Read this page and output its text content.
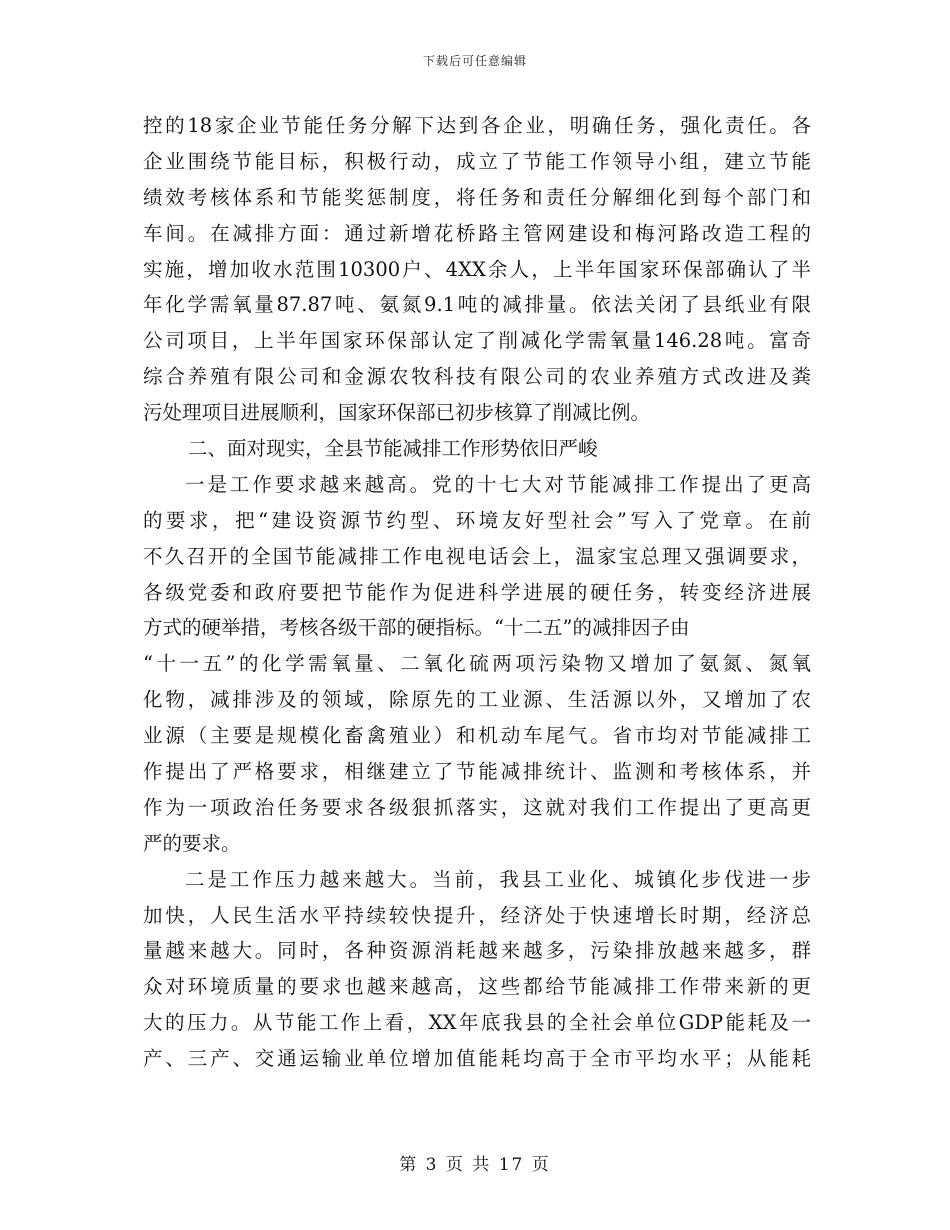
下载后可任意编辑
控的18家企业节能任务分解下达到各企业，明确任务，强化责任。各
企业围绕节能目标，积极行动，成立了节能工作领导小组，建立节能
绩效考核体系和节能奖惩制度，将任务和责任分解细化到每个部门和
车间。在减排方面：通过新增花桥路主管网建设和梅河路改造工程的
实施，增加收水范围10300户、4XX余人，上半年国家环保部确认了半
年化学需氧量87.87吨、氨氮9.1吨的减排量。依法关闭了县纸业有限
公司项目，上半年国家环保部认定了削减化学需氧量146.28吨。富奇
综合养殖有限公司和金源农牧科技有限公司的农业养殖方式改进及粪
污处理项目进展顺利，国家环保部已初步核算了削减比例。
二、面对现实，全县节能减排工作形势依旧严峻
一是工作要求越来越高。党的十七大对节能减排工作提出了更高
的要求，把“建设资源节约型、环境友好型社会”写入了党章。在前
不久召开的全国节能减排工作电视电话会上，温家宝总理又强调要求，
各级党委和政府要把节能作为促进科学进展的硬任务，转变经济进展
方式的硬举措，考核各级干部的硬指标。“十二五”的减排因子由
“十一五”的化学需氧量、二氧化硫两项污染物又增加了氨氮、氮氧
化物，减排涉及的领域，除原先的工业源、生活源以外，又增加了农
业源（主要是规模化畜禽殖业）和机动车尾气。省市均对节能减排工
作提出了严格要求，相继建立了节能减排统计、监测和考核体系，并
作为一项政治任务要求各级狠抓落实，这就对我们工作提出了更高更
严的要求。
二是工作压力越来越大。当前，我县工业化、城镇化步伐进一步
加快，人民生活水平持续较快提升，经济处于快速增长时期，经济总
量越来越大。同时，各种资源消耗越来越多，污染排放越来越多，群
众对环境质量的要求也越来越高，这些都给节能减排工作带来新的更
大的压力。从节能工作上看，XX年底我县的全社会单位GDP能耗及一
产、三产、交通运输业单位增加值能耗均高于全市平均水平；从能耗
第 3 页 共 17 页
